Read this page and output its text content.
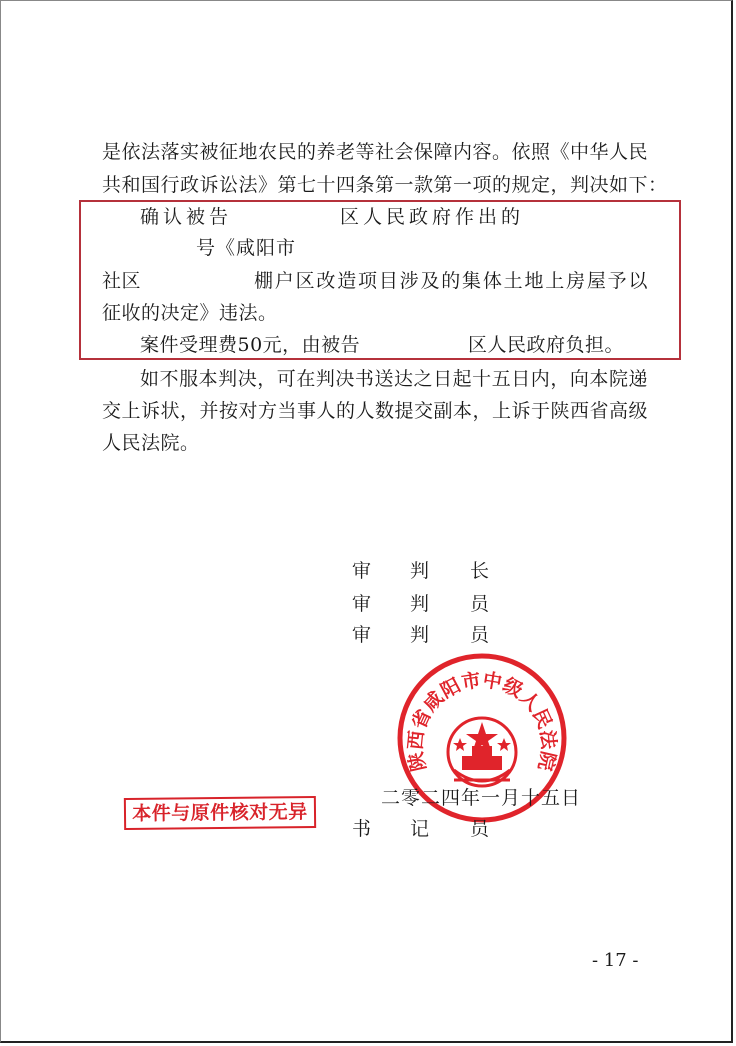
是依法落实被征地农民的养老等社会保障内容。依照《中华人民
共和国行政诉讼法》第七十四条第一款第一项的规定，判决如下：
确认被告	区人民政府作出的
号《咸阳市
社区	棚户区改造项目涉及的集体土地上房屋予以
征收的决定》违法。
案件受理费50元，由被告	区人民政府负担。
如不服本判决，可在判决书送达之日起十五日内，向本院递
交上诉状，并按对方当事人的人数提交副本，上诉于陕西省高级
人民法院。
审 判 长
审 判 员
审 判 员
陕西省咸阳市中级人民法院
二零二四年一月十五日
书 记 员
本件与原件核对无异
- 17 -
